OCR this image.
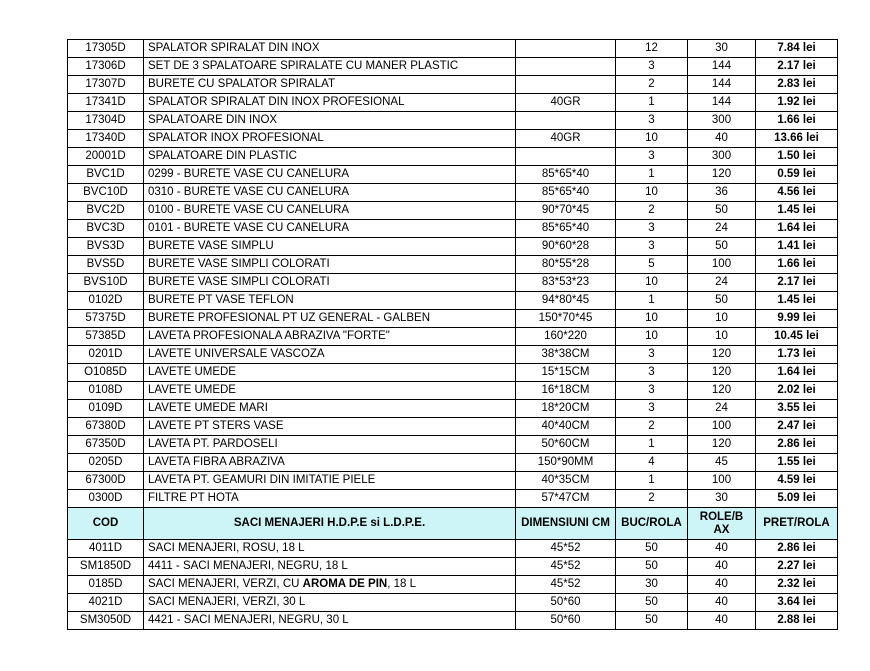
17305D	SPALATOR SPIRALAT DIN INOX		12	30	7.84 lei
17306D	SET DE 3 SPALATOARE SPIRALATE CU MANER PLASTIC		3	144	2.17 lei
17307D	BURETE CU SPALATOR SPIRALAT		2	144	2.83 lei
17341D	SPALATOR SPIRALAT DIN INOX PROFESIONAL	40GR	1	144	1.92 lei
17304D	SPALATOARE DIN INOX		3	300	1.66 lei
17340D	SPALATOR INOX PROFESIONAL	40GR	10	40	13.66 lei
20001D	SPALATOARE DIN PLASTIC		3	300	1.50 lei
BVC1D	0299 - BURETE VASE CU CANELURA	85*65*40	1	120	0.59 lei
BVC10D	0310 - BURETE VASE CU CANELURA	85*65*40	10	36	4.56 lei
BVC2D	0100 - BURETE VASE CU CANELURA	90*70*45	2	50	1.45 lei
BVC3D	0101 - BURETE VASE CU CANELURA	85*65*40	3	24	1.64 lei
BVS3D	BURETE VASE SIMPLU	90*60*28	3	50	1.41 lei
BVS5D	BURETE VASE SIMPLI COLORATI	80*55*28	5	100	1.66 lei
BVS10D	BURETE VASE SIMPLI COLORATI	83*53*23	10	24	2.17 lei
0102D	BURETE PT VASE TEFLON	94*80*45	1	50	1.45 lei
57375D	BURETE PROFESIONAL PT UZ GENERAL - GALBEN	150*70*45	10	10	9.99 lei
57385D	LAVETA PROFESIONALA ABRAZIVA "FORTE"	160*220	10	10	10.45 lei
0201D	LAVETE UNIVERSALE VASCOZA	38*38CM	3	120	1.73 lei
O1085D	LAVETE UMEDE	15*15CM	3	120	1.64 lei
0108D	LAVETE UMEDE	16*18CM	3	120	2.02 lei
0109D	LAVETE UMEDE MARI	18*20CM	3	24	3.55 lei
67380D	LAVETE PT STERS VASE	40*40CM	2	100	2.47 lei
67350D	LAVETA PT. PARDOSELI	50*60CM	1	120	2.86 lei
0205D	LAVETA FIBRA ABRAZIVA	150*90MM	4	45	1.55 lei
67300D	LAVETA PT. GEAMURI DIN IMITATIE PIELE	40*35CM	1	100	4.59 lei
0300D	FILTRE PT HOTA	57*47CM	2	30	5.09 lei
COD	SACI MENAJERI H.D.P.E si L.D.P.E.	DIMENSIUNI CM	BUC/ROLA	ROLE/B AX	PRET/ROLA
4011D	SACI MENAJERI, ROSU, 18 L	45*52	50	40	2.86 lei
SM1850D	4411 - SACI MENAJERI, NEGRU, 18 L	45*52	50	40	2.27 lei
0185D	SACI MENAJERI, VERZI, CU AROMA DE PIN, 18 L	45*52	30	40	2.32 lei
4021D	SACI MENAJERI, VERZI, 30 L	50*60	50	40	3.64 lei
SM3050D	4421 - SACI MENAJERI, NEGRU, 30 L	50*60	50	40	2.88 lei
